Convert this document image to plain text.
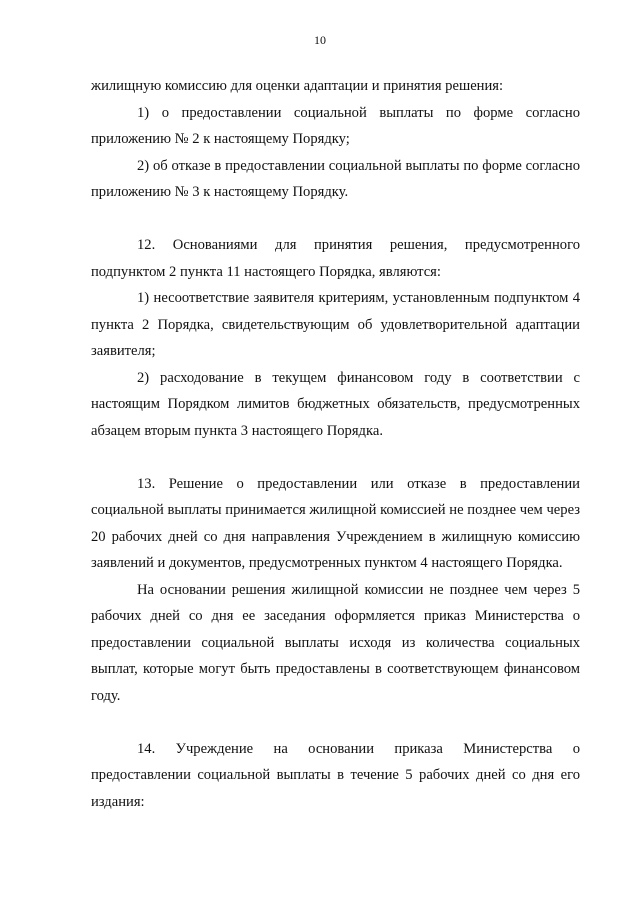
10

жилищную комиссию для оценки адаптации и принятия решения:

1) о предоставлении социальной выплаты по форме согласно приложению № 2 к настоящему Порядку;

2) об отказе в предоставлении социальной выплаты по форме согласно приложению № 3 к настоящему Порядку.

12. Основаниями для принятия решения, предусмотренного подпунктом 2 пункта 11 настоящего Порядка, являются:

1) несоответствие заявителя критериям, установленным подпунктом 4 пункта 2 Порядка, свидетельствующим об удовлетворительной адаптации заявителя;

2) расходование в текущем финансовом году в соответствии с настоящим Порядком лимитов бюджетных обязательств, предусмотренных абзацем вторым пункта 3 настоящего Порядка.

13. Решение о предоставлении или отказе в предоставлении социальной выплаты принимается жилищной комиссией не позднее чем через 20 рабочих дней со дня направления Учреждением в жилищную комиссию заявлений и документов, предусмотренных пунктом 4 настоящего Порядка.

На основании решения жилищной комиссии не позднее чем через 5 рабочих дней со дня ее заседания оформляется приказ Министерства о предоставлении социальной выплаты исходя из количества социальных выплат, которые могут быть предоставлены в соответствующем финансовом году.

14. Учреждение на основании приказа Министерства о предоставлении социальной выплаты в течение 5 рабочих дней со дня его издания:
